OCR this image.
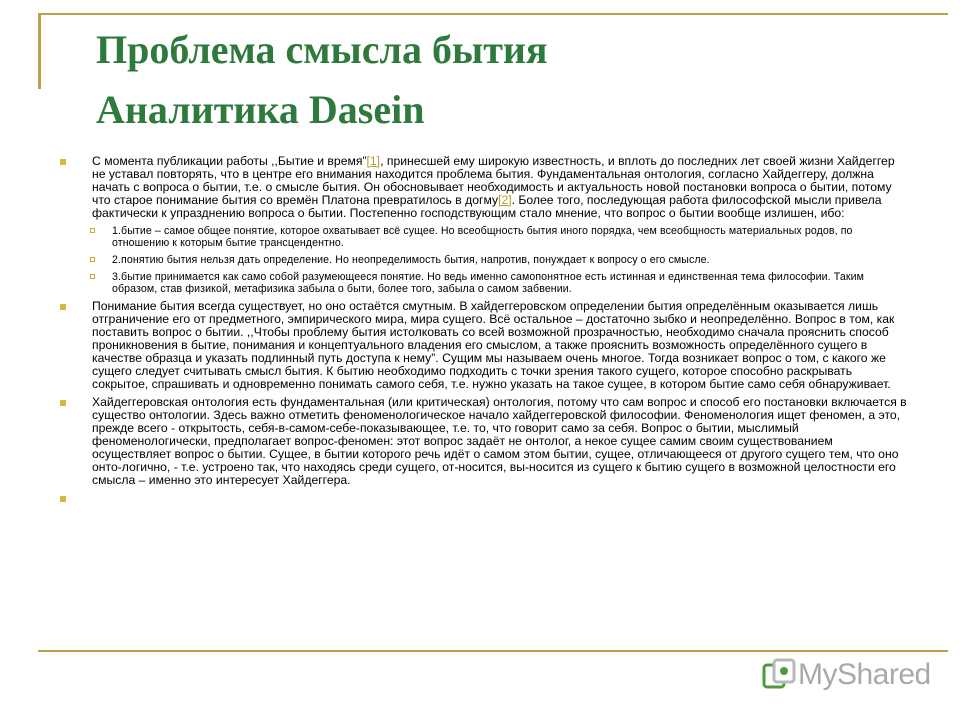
Проблема смысла бытия
Аналитика Dasein
С момента публикации работы ,,Бытие и время”[1], принесшей ему широкую известность, и вплоть до последних лет своей жизни Хайдеггер не уставал повторять, что в центре его внимания находится проблема бытия. Фундаментальная онтология, согласно Хайдеггеру, должна начать с вопроса о бытии, т.е. о смысле бытия. Он обосновывает необходимость и актуальность новой постановки вопроса о бытии, потому что старое понимание бытия со времён Платона превратилось в догму[2]. Более того, последующая работа философской мысли привела фактически к упразднению вопроса о бытии. Постепенно господствующим стало мнение, что вопрос о бытии вообще излишен, ибо:
1.бытие – самое общее понятие, которое охватывает всё сущее. Но всеобщность бытия иного порядка, чем всеобщность материальных родов, по отношению к которым бытие трансцендентно.
2.понятию бытия нельзя дать определение. Но неопределимость бытия, напротив, понуждает к вопросу о его смысле.
3.бытие принимается как само собой разумеющееся понятие. Но ведь именно самопонятное есть истинная и единственная тема философии. Таким образом, став физикой, метафизика забыла о быти, более того, забыла о самом забвении.
Понимание бытия всегда существует, но оно остаётся смутным. В хайдеггеровском определении бытия определённым оказывается лишь отграничение его от предметного, эмпирического мира, мира сущего. Всё остальное – достаточно зыбко и неопределённо. Вопрос в том, как поставить вопрос о бытии. ,,Чтобы проблему бытия истолковать со всей возможной прозрачностью, необходимо сначала прояснить способ проникновения в бытие, понимания и концептуального владения его смыслом, а также прояснить возможность определённого сущего в качестве образца и указать подлинный путь доступа к нему”. Сущим мы называем очень многое. Тогда возникает вопрос о том, с какого же сущего следует считывать смысл бытия. К бытию необходимо подходить с точки зрения такого сущего, которое способно раскрывать сокрытое, спрашивать и одновременно понимать самого себя, т.е. нужно указать на такое сущее, в котором бытие само себя обнаруживает.
Хайдеггеровская онтология есть фундаментальная (или критическая) онтология, потому что сам вопрос и способ его постановки включается в существо онтологии. Здесь важно отметить феноменологическое начало хайдеггеровской философии. Феноменология ищет феномен, а это, прежде всего - открытость, себя-в-самом-себе-показывающее, т.е. то, что говорит само за себя. Вопрос о бытии, мыслимый феноменологически, предполагает вопрос-феномен: этот вопрос задаёт не онтолог, а некое сущее самим своим существованием осуществляет вопрос о бытии. Сущее, в бытии которого речь идёт о самом этом бытии, сущее, отличающееся от другого сущего тем, что оно онто-логично, - т.е. устроено так, что находясь среди сущего, от-носится, вы-носится из сущего к бытию сущего в возможной целостности его смысла – именно это интересует Хайдеггера.
MyShared
